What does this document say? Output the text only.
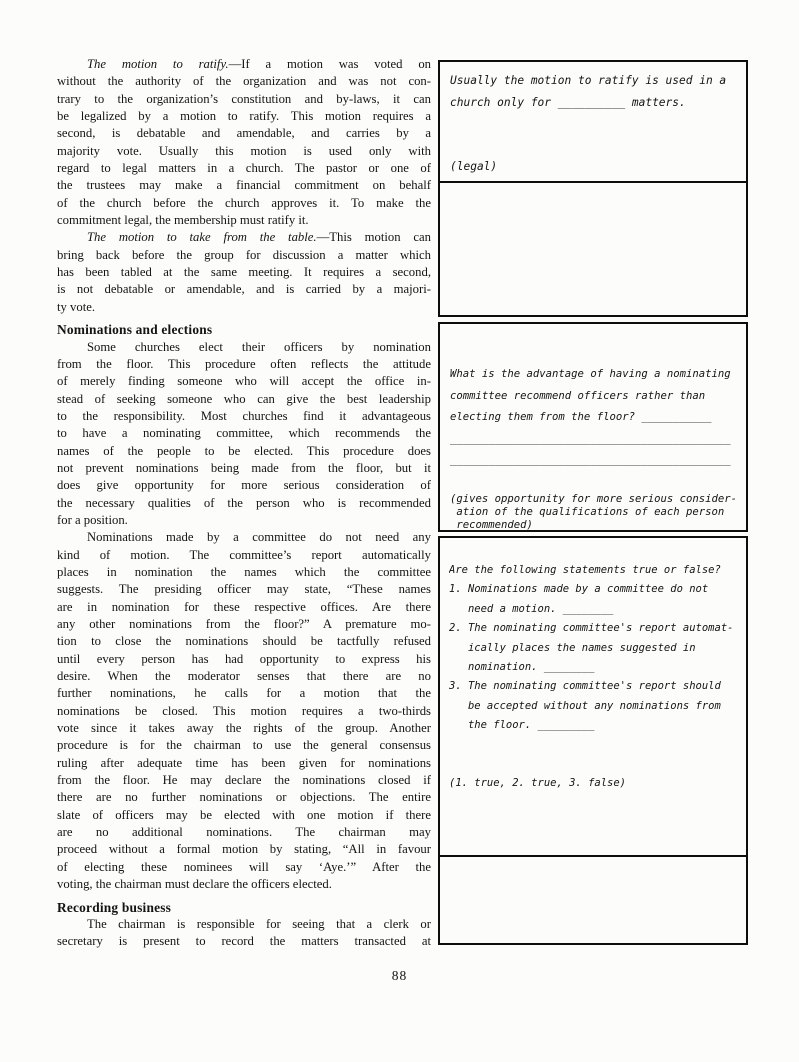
The motion to ratify.—If a motion was voted on
without the authority of the organization and was not con-
trary to the organization’s constitution and by-laws, it can
be legalized by a motion to ratify. This motion requires a
second, is debatable and amendable, and carries by a
majority vote. Usually this motion is used only with
regard to legal matters in a church. The pastor or one of
the trustees may make a financial commitment on behalf
of the church before the church approves it. To make the
commitment legal, the membership must ratify it.
The motion to take from the table.—This motion can
bring back before the group for discussion a matter which
has been tabled at the same meeting. It requires a second,
is not debatable or amendable, and is carried by a majori-
ty vote.
Nominations and elections
Some churches elect their officers by nomination
from the floor. This procedure often reflects the attitude
of merely finding someone who will accept the office in-
stead of seeking someone who can give the best leadership
to the responsibility. Most churches find it advantageous
to have a nominating committee, which recommends the
names of the people to be elected. This procedure does
not prevent nominations being made from the floor, but it
does give opportunity for more serious consideration of
the necessary qualities of the person who is recommended
for a position.
Nominations made by a committee do not need any
kind of motion. The committee’s report automatically
places in nomination the names which the committee
suggests. The presiding officer may state, “These names
are in nomination for these respective offices. Are there
any other nominations from the floor?” A premature mo-
tion to close the nominations should be tactfully refused
until every person has had opportunity to express his
desire. When the moderator senses that there are no
further nominations, he calls for a motion that the
nominations be closed. This motion requires a two-thirds
vote since it takes away the rights of the group. Another
procedure is for the chairman to use the general consensus
ruling after adequate time has been given for nominations
from the floor. He may declare the nominations closed if
there are no further nominations or objections. The entire
slate of officers may be elected with one motion if there
are no additional nominations. The chairman may
proceed without a formal motion by stating, “All in favour
of electing these nominees will say ‘Aye.’” After the
voting, the chairman must declare the officers elected.
Recording business
The chairman is responsible for seeing that a clerk or
secretary is present to record the matters transacted at
Usually the motion to ratify is used in a
church only for __________ matters.

(legal)
What is the advantage of having a nominating
committee recommend officers rather than
electing them from the floor? ___________
____________________________________________
____________________________________________

(gives opportunity for more serious consider-
ation of the qualifications of each person
recommended)
Are the following statements true or false?
1. Nominations made by a committee do not
need a motion. ________
2. The nominating committee's report automat-
ically places the names suggested in
nomination. ________
3. The nominating committee's report should
be accepted without any nominations from
the floor. _________

(1. true, 2. true, 3. false)
88
